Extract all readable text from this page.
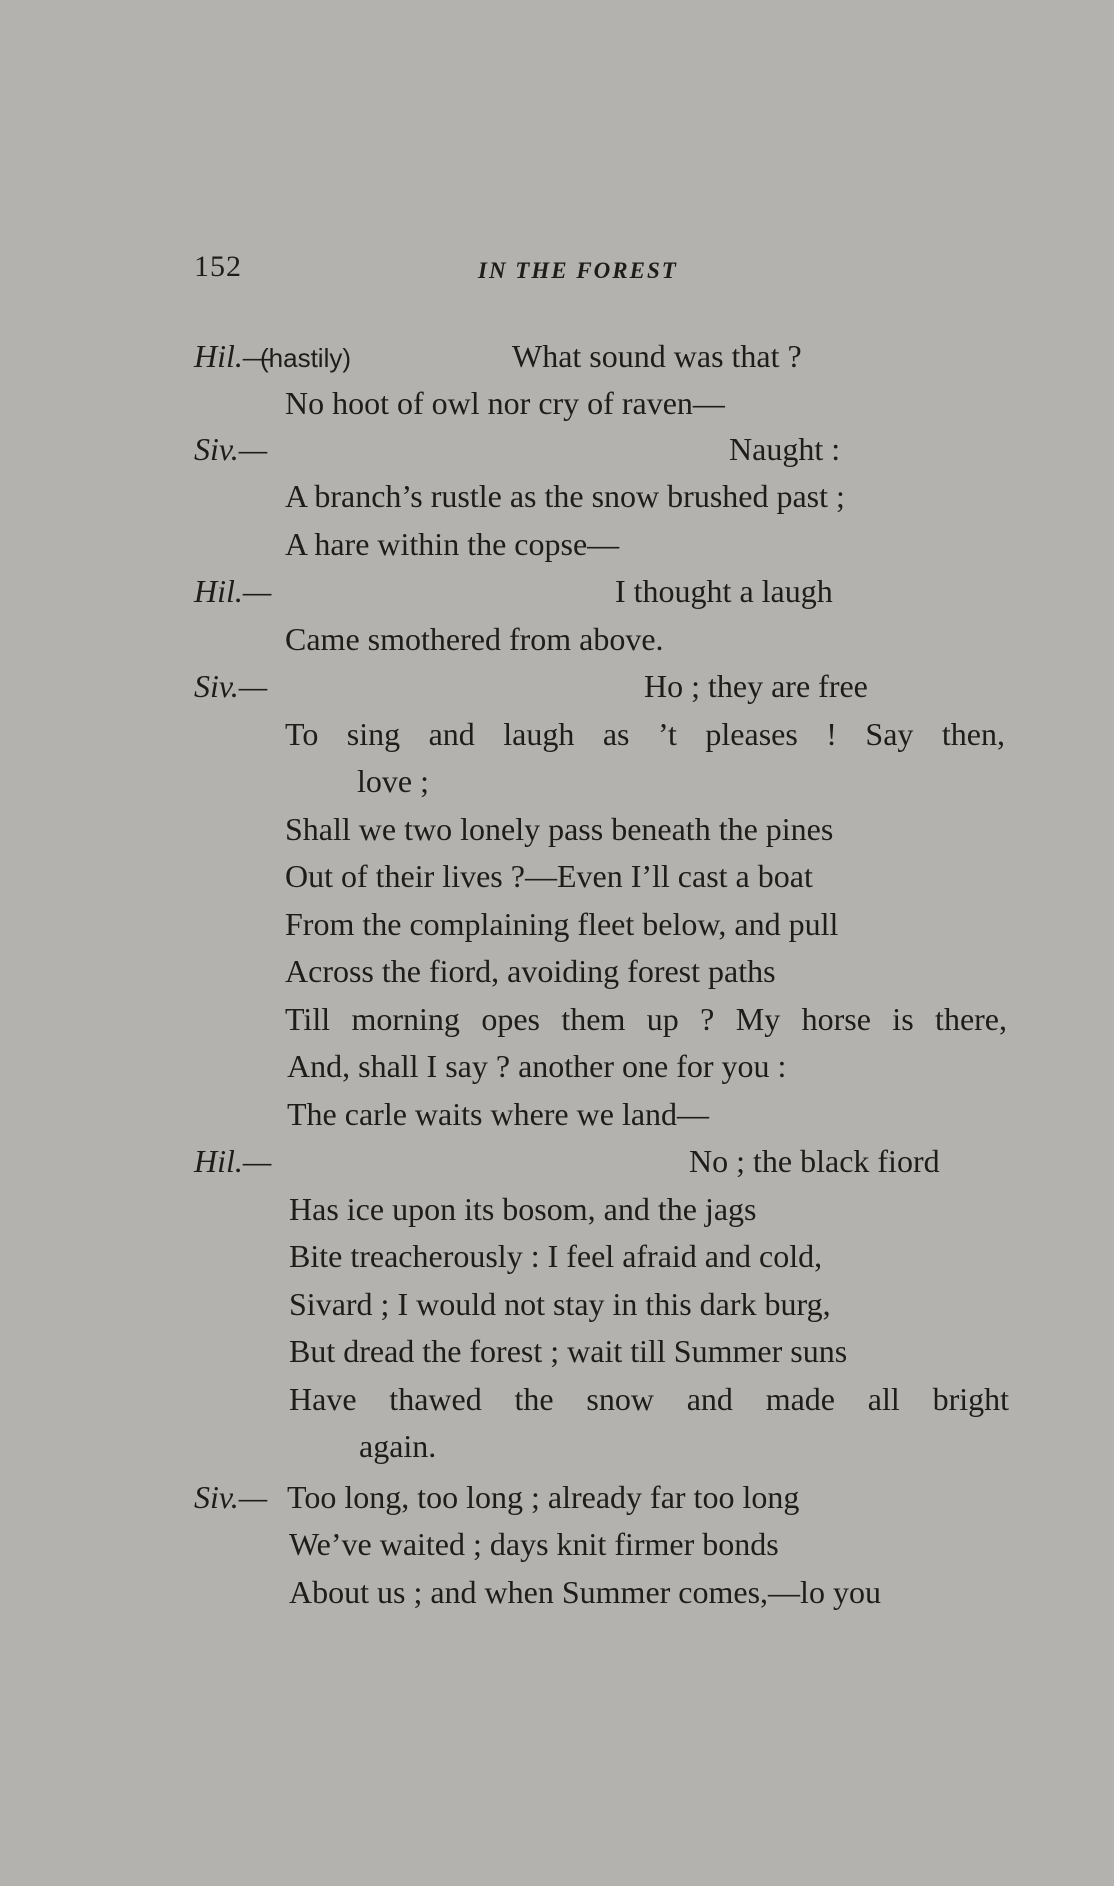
152	IN THE FOREST
Hil.—
(hastily)	What sound was that ?
No hoot of owl nor cry of raven—
Siv.—	Naught :
A branch’s rustle as the snow brushed past ;
A hare within the copse—
Hil.—	I thought a laugh
Came smothered from above.
Siv.—	Ho ; they are free
To sing and laugh as ’t pleases ! Say then,
love ;
Shall we two lonely pass beneath the pines
Out of their lives ?—Even I’ll cast a boat
From the complaining fleet below, and pull
Across the fiord, avoiding forest paths
Till morning opes them up ? My horse is there,
And, shall I say ? another one for you :
The carle waits where we land—
Hil.—	No ; the black fiord
Has ice upon its bosom, and the jags
Bite treacherously : I feel afraid and cold,
Sivard ; I would not stay in this dark burg,
But dread the forest ; wait till Summer suns
Have thawed the snow and made all bright
again.
Siv.— Too long, too long ; already far too long
We’ve waited ; days knit firmer bonds
About us ; and when Summer comes,—lo you
